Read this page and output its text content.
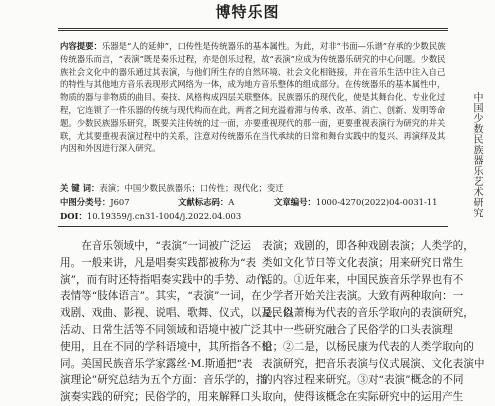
博特乐图
内容提要：乐器是“人的延伸”，口传性是传统器乐的基本属性。为此，对非“书面—乐谱”存承的少数民族传统器乐而言，“表演”既是奏乐过程，亦是创乐过程，故“表演”应成为传统器乐研究的中心问题。少数民族社会文化中的器乐通过其表演，与他们所生存的自然环境、社会文化相链接，并在音乐生活中注入自己的特性与其他地方音乐表现形式网络为一体，成为地方音乐整体的组成部分。在传统器乐的基本属性中，物质的器与非物质的曲目、奏技、风格构成四层关联整体。民族器乐的现代化，使是其舞台化、专业化过程，它连锁了一件乐器的传统与现代构而在此，两者之间充溢着滞与传承、改革、消亡、创新、发明等命题。少数民族器乐研究，既要关注传统的过一面，亦要重视现代的那一面，更要重视表演行为研究的并关联，尤其要重视表演过程中的关系，注意对传统器乐在当代承续的日常和舞台实践中的复兴、再演绎及其内因和外因进行深入研究。
关 键 词：表演；中国少数民族器乐；口传性；现代化；变迁
中图分类号：J607	文献标志码：A	文章编号：1000-4270(2022)04-0031-11
DOI：10.19359/j.cn31-1004/j.2022.04.003
在音乐领域中，“表演”一词被广泛运
用。一般来讲，凡是唱奏实践都被称为“表
演”，而有时还特指唱奏实践中的手势、动作、
表情等“肢体语言”。其实，“表演”一词，在
戏剧、戏曲、影视、说唱、歌舞、仪式，以及民俗
活动、日常生活等不同领域和语境中被广泛
使用，且在不同的学科语境中，其所指各不相
同。美国民族音乐学家露丝·M.斯通把“表
演理论”研究总结为五个方面：音乐学的，指
演奏实践的研究；民俗学的，用来解释口头
表演；戏剧的，即各种戏剧表演；人类学的，
类如文化节日等文化表演；用来研究日常生
活的。①近年来，中国民族音乐学界也有不
少学者开始关注表演。大致有两种取向：一
是，以萧梅为代表的音乐学取向的表演研究，
其中一些研究融合了民俗学的口头表演理
论；②二是，以杨民康为代表的人类学取向的
表演研究，把音乐表演与仪式展演、文化表演中
的内容过程来研究。③对“表演”概念的不同
取向，使得该概念在实际研究中的运用产生
中国少数民族器乐艺术研究
